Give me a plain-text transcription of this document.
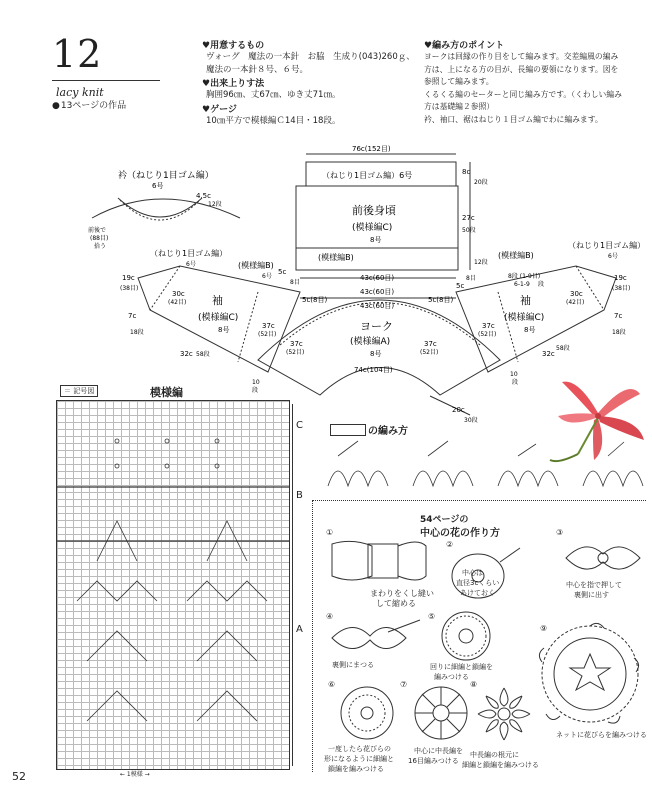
12
lacy knit
● 13ページの作品
♥用意するもの
ヴォーグ　魔法の一本針　お脇　生成り(043)260ｇ、
魔法の一本針８号、６号。
♥出来上りす法
胸囲96㎝、丈67㎝、ゆき丈71㎝。
♥ゲージ
10㎝平方で模様編Ｃ14目・18段。
♥編み方のポイント
ヨークは回縁の作り目をして編みます。交差編風の編み
方は、上になる方の目が、長編の要領になります。図を
参照して編みます。
くるくる編のセーターと同じ編み方です。（くわしい編み
方は基礎編２参照）
衿、袖口、裾はねじり１目ゴム編でわに編みます。
衿（ねじり1目ゴム編）
6号
4.5c
12段
前後で
(88目)
拾う
76c(152目)
（ねじり1目ゴム編）6号
前後身頃
(模様編C)
8号
(模様編B)
43c(60目)
43c(60目)
43c(60目)
8c
20段
27c
50段
12段
ヨーク
(模様編A)
8号
74c(104目)
37c
(52目)
37c
(52目)
20c
30段
（ねじり1目ゴム編）
6号
袖
(模様編C)
8号
(模様編B)
6号
19c
(38目)
30c
(42目)
7c
18段
32c 58段
5c
8目
5c(8目)	5c(8目)
37c
(52目)
10
段
（ねじり1目ゴム編）
6号
袖
(模様編C)
8号
(模様編B)
8段 (1-9目)
6-1-9 段
19c
(38目)
30c
(42目)
7c
18段
32c
58段
5c
8目
37c
(52目)
10
段
＝ 記号図	模様編
C
B
A
← 1模様 →
の編み方
54ページの
中心の花の作り方
①
まわりをくし縫い
して縮める
②
中心は
直径3cくらい
あけておく
③
中心を指で押して
裏側に出す
④
裏側にまつる
⑤
回りに細編と鎖編を
編みつける
⑨
ネットに花びらを編みつける
⑥
一度したら花びらの
形になるように細編と
鎖編を編みつける
⑦
中心に中長編を
16目編みつける
⑧
中長編の根元に
細編と鎖編を編みつける
52
